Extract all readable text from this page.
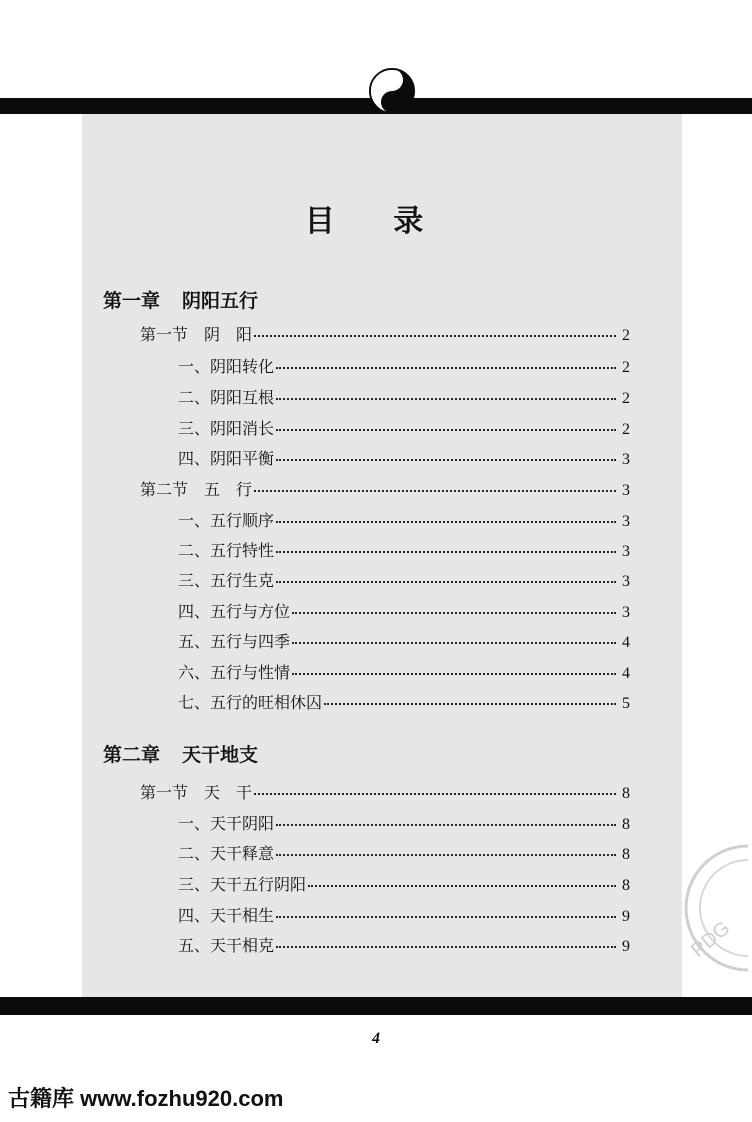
目 录
第一章 阴阳五行
第一节　阴　阳	2
一、阴阳转化	2
二、阴阳互根	2
三、阴阳消长	2
四、阴阳平衡	3
第二节　五　行	3
一、五行顺序	3
二、五行特性	3
三、五行生克	3
四、五行与方位	3
五、五行与四季	4
六、五行与性情	4
七、五行的旺相休囚	5
第二章 天干地支
第一节　天　干	8
一、天干阴阳	8
二、天干释意	8
三、天干五行阴阳	8
四、天干相生	9
五、天干相克	9	PDG
4
古籍库 www.fozhu920.com
